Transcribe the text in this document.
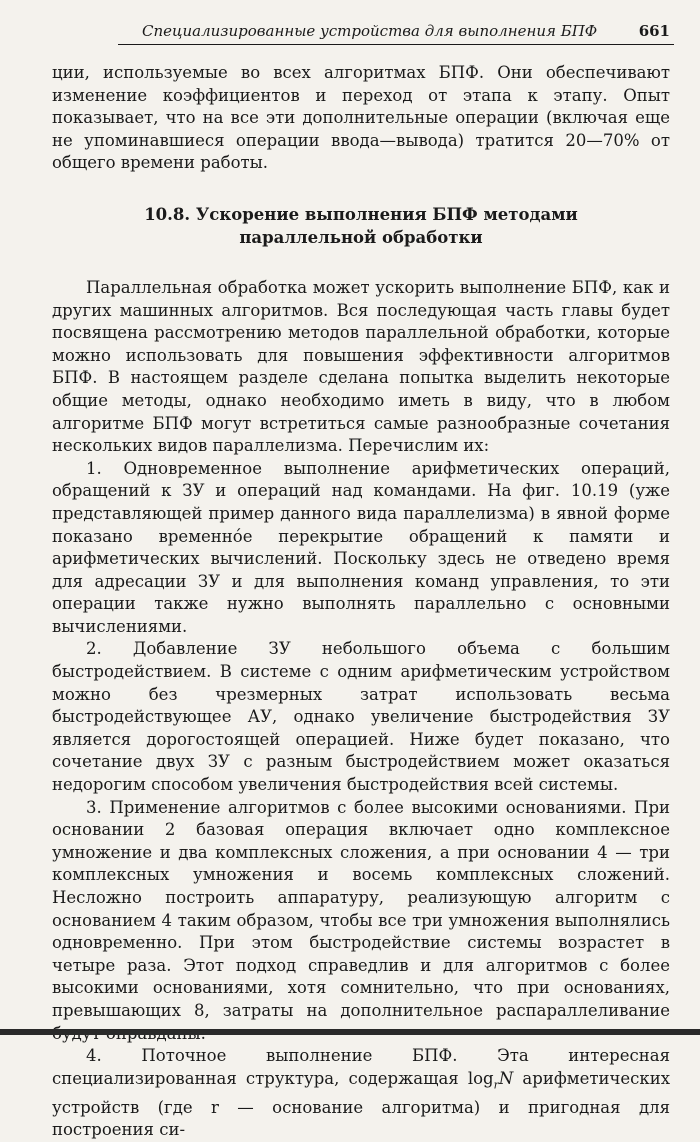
Специализированные устройства для выполнения БПФ	661

ции, используемые во всех алгоритмах БПФ. Они обеспечивают изменение коэффициентов и переход от этапа к этапу. Опыт показывает, что на все эти дополнительные операции (включая еще не упоминавшиеся операции ввода—вывода) тратится 20—70% от общего времени работы.

10.8. Ускорение выполнения БПФ методами
параллельной обработки

Параллельная обработка может ускорить выполнение БПФ, как и других машинных алгоритмов. Вся последующая часть главы будет посвящена рассмотрению методов параллельной обработки, которые можно использовать для повышения эффективности алгоритмов БПФ. В настоящем разделе сделана попытка выделить некоторые общие методы, однако необходимо иметь в виду, что в любом алгоритме БПФ могут встретиться самые разнообразные сочетания нескольких видов параллелизма. Перечислим их:

1. Одновременное выполнение арифметических операций, обращений к ЗУ и операций над командами. На фиг. 10.19 (уже представляющей пример данного вида параллелизма) в явной форме показано временнóе перекрытие обращений к памяти и арифметических вычислений. Поскольку здесь не отведено время для адресации ЗУ и для выполнения команд управления, то эти операции также нужно выполнять параллельно с основными вычислениями.

2. Добавление ЗУ небольшого объема с большим быстродействием. В системе с одним арифметическим устройством можно без чрезмерных затрат использовать весьма быстродействующее АУ, однако увеличение быстродействия ЗУ является дорогостоящей операцией. Ниже будет показано, что сочетание двух ЗУ с разным быстродействием может оказаться недорогим способом увеличения быстродействия всей системы.

3. Применение алгоритмов с более высокими основаниями. При основании 2 базовая операция включает одно комплексное умножение и два комплексных сложения, а при основании 4 — три комплексных умножения и восемь комплексных сложений. Несложно построить аппаратуру, реализующую алгоритм с основанием 4 таким образом, чтобы все три умножения выполнялись одновременно. При этом быстродействие системы возрастет в четыре раза. Этот подход справедлив и для алгоритмов с более высокими основаниями, хотя сомнительно, что при основаниях, превышающих 8, затраты на дополнительное распараллеливание

4. Поточное выполнение БПФ. Эта интересная специализированная структура, содержащая $\log_rN$ арифметических устройств (где r — основание алгоритма) и пригодная для построения си-
